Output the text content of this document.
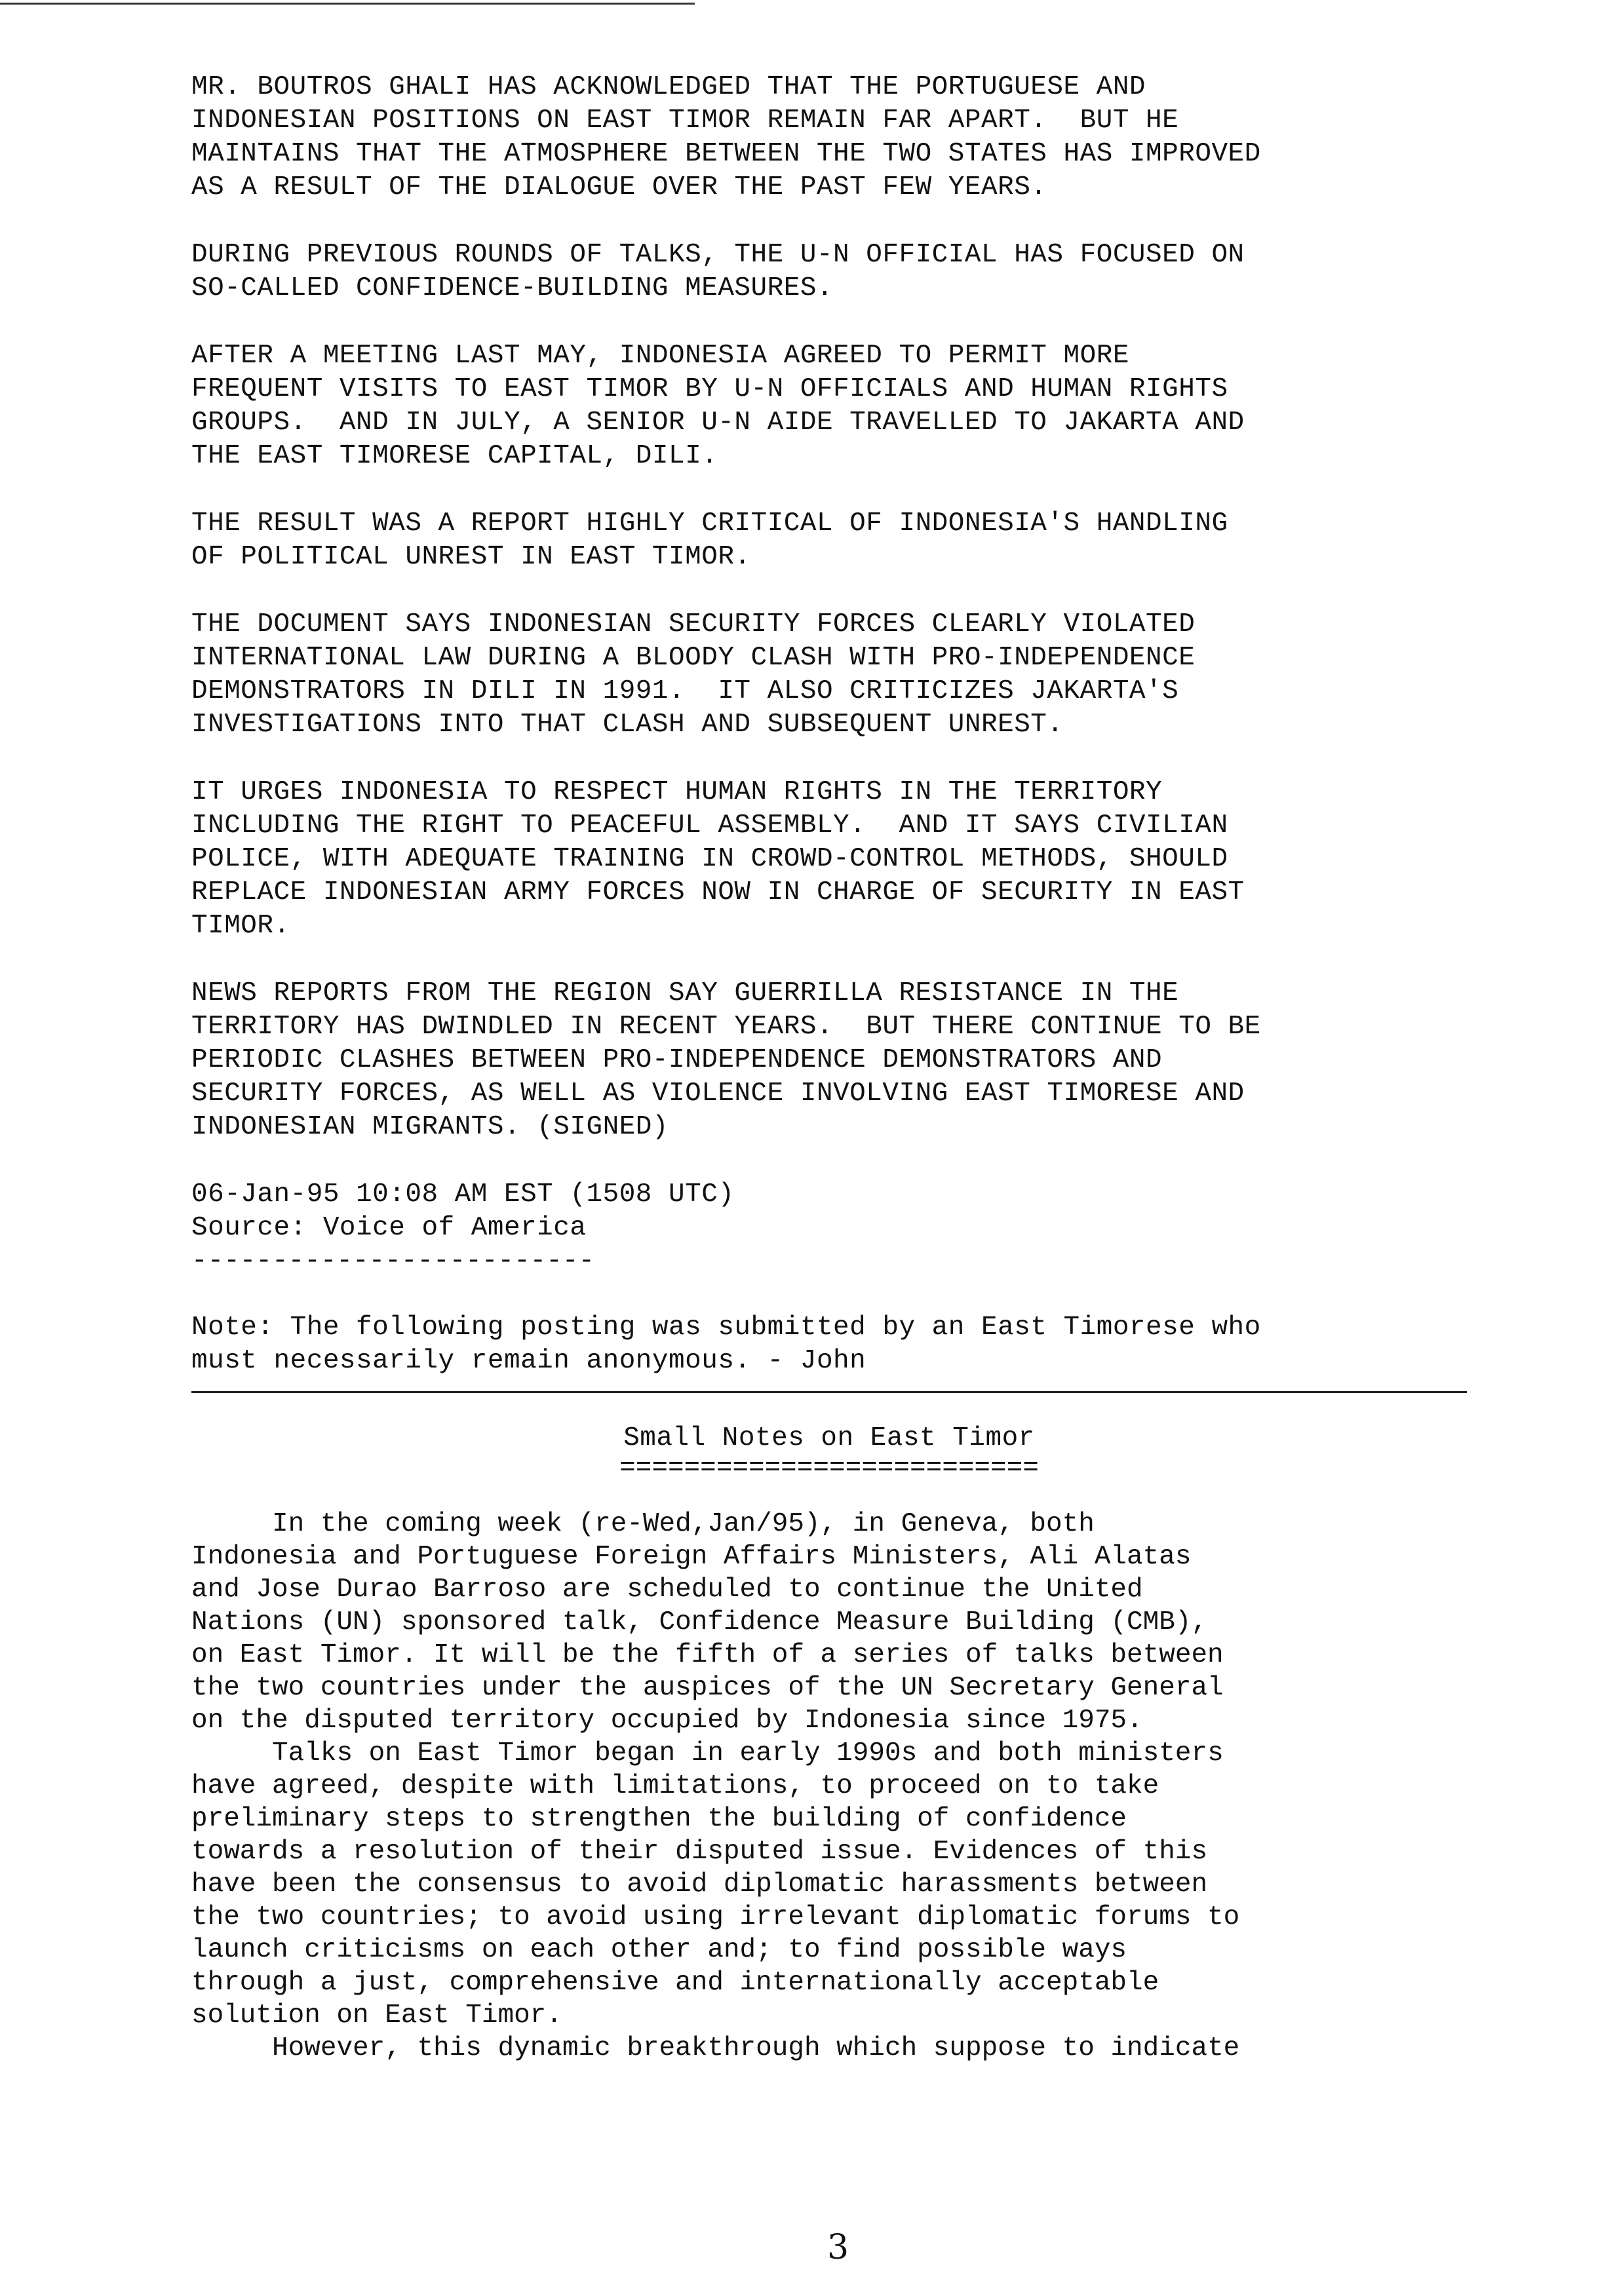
MR. BOUTROS GHALI HAS ACKNOWLEDGED THAT THE PORTUGUESE AND
INDONESIAN POSITIONS ON EAST TIMOR REMAIN FAR APART.  BUT HE
MAINTAINS THAT THE ATMOSPHERE BETWEEN THE TWO STATES HAS IMPROVED
AS A RESULT OF THE DIALOGUE OVER THE PAST FEW YEARS.

DURING PREVIOUS ROUNDS OF TALKS, THE U-N OFFICIAL HAS FOCUSED ON
SO-CALLED CONFIDENCE-BUILDING MEASURES.

AFTER A MEETING LAST MAY, INDONESIA AGREED TO PERMIT MORE
FREQUENT VISITS TO EAST TIMOR BY U-N OFFICIALS AND HUMAN RIGHTS
GROUPS.  AND IN JULY, A SENIOR U-N AIDE TRAVELLED TO JAKARTA AND
THE EAST TIMORESE CAPITAL, DILI.

THE RESULT WAS A REPORT HIGHLY CRITICAL OF INDONESIA'S HANDLING
OF POLITICAL UNREST IN EAST TIMOR.

THE DOCUMENT SAYS INDONESIAN SECURITY FORCES CLEARLY VIOLATED
INTERNATIONAL LAW DURING A BLOODY CLASH WITH PRO-INDEPENDENCE
DEMONSTRATORS IN DILI IN 1991.  IT ALSO CRITICIZES JAKARTA'S
INVESTIGATIONS INTO THAT CLASH AND SUBSEQUENT UNREST.

IT URGES INDONESIA TO RESPECT HUMAN RIGHTS IN THE TERRITORY
INCLUDING THE RIGHT TO PEACEFUL ASSEMBLY.  AND IT SAYS CIVILIAN
POLICE, WITH ADEQUATE TRAINING IN CROWD-CONTROL METHODS, SHOULD
REPLACE INDONESIAN ARMY FORCES NOW IN CHARGE OF SECURITY IN EAST
TIMOR.

NEWS REPORTS FROM THE REGION SAY GUERRILLA RESISTANCE IN THE
TERRITORY HAS DWINDLED IN RECENT YEARS.  BUT THERE CONTINUE TO BE
PERIODIC CLASHES BETWEEN PRO-INDEPENDENCE DEMONSTRATORS AND
SECURITY FORCES, AS WELL AS VIOLENCE INVOLVING EAST TIMORESE AND
INDONESIAN MIGRANTS. (SIGNED)

06-Jan-95 10:08 AM EST (1508 UTC)
Source: Voice of America

-------------------------

Note: The following posting was submitted by an East Timorese who
must necessarily remain anonymous. - John

Small Notes on East Timor
==========================
In the coming week (re-Wed,Jan/95), in Geneva, both
Indonesia and Portuguese Foreign Affairs Ministers, Ali Alatas
and Jose Durao Barroso are scheduled to continue the United
Nations (UN) sponsored talk, Confidence Measure Building (CMB),
on East Timor. It will be the fifth of a series of talks between
the two countries under the auspices of the UN Secretary General
on the disputed territory occupied by Indonesia since 1975.
Talks on East Timor began in early 1990s and both ministers
have agreed, despite with limitations, to proceed on to take
preliminary steps to strengthen the building of confidence
towards a resolution of their disputed issue. Evidences of this
have been the consensus to avoid diplomatic harassments between
the two countries; to avoid using irrelevant diplomatic forums to
launch criticisms on each other and; to find possible ways
through a just, comprehensive and internationally acceptable
solution on East Timor.
However, this dynamic breakthrough which suppose to indicate
3
